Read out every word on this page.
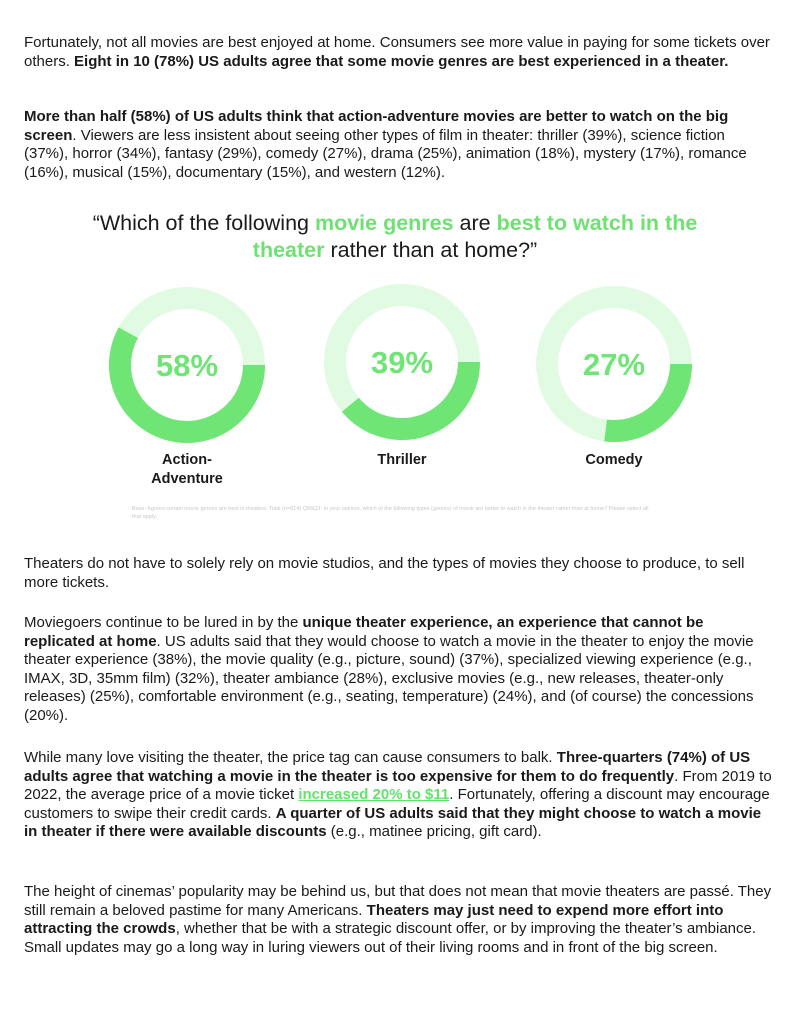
Fortunately, not all movies are best enjoyed at home. Consumers see more value in paying for some tickets over others. Eight in 10 (78%) US adults agree that some movie genres are best experienced in a theater.

More than half (58%) of US adults think that action-adventure movies are better to watch on the big screen. Viewers are less insistent about seeing other types of film in theater: thriller (39%), science fiction (37%), horror (34%), fantasy (29%), comedy (27%), drama (25%), animation (18%), mystery (17%), romance (16%), musical (15%), documentary (15%), and western (12%).

“Which of the following movie genres are best to watch in the theater rather than at home?”
58%	39%	27%
Action-Adventure
Thriller	Comedy
Base: Agrees certain movie genres are best in theaters: Total (n=814) Q56Q3: In your opinion, which of the following types (genres) of movie are better to watch in the theater rather than at home? Please select all that apply.

Theaters do not have to solely rely on movie studios, and the types of movies they choose to produce, to sell more tickets.

Moviegoers continue to be lured in by the unique theater experience, an experience that cannot be replicated at home. US adults said that they would choose to watch a movie in the theater to enjoy the movie theater experience (38%), the movie quality (e.g., picture, sound) (37%), specialized viewing experience (e.g., IMAX, 3D, 35mm film) (32%), theater ambiance (28%), exclusive movies (e.g., new releases, theater-only releases) (25%), comfortable environment (e.g., seating, temperature) (24%), and (of course) the concessions (20%).

While many love visiting the theater, the price tag can cause consumers to balk. Three-quarters (74%) of US adults agree that watching a movie in the theater is too expensive for them to do frequently. From 2019 to 2022, the average price of a movie ticket increased 20% to $11. Fortunately, offering a discount may encourage customers to swipe their credit cards. A quarter of US adults said that they might choose to watch a movie in theater if there were available discounts (e.g., matinee pricing, gift card).

The height of cinemas’ popularity may be behind us, but that does not mean that movie theaters are passé. They still remain a beloved pastime for many Americans. Theaters may just need to expend more effort into attracting the crowds, whether that be with a strategic discount offer, or by improving the theater’s ambiance. Small updates may go a long way in luring viewers out of their living rooms and in front of the big screen.
